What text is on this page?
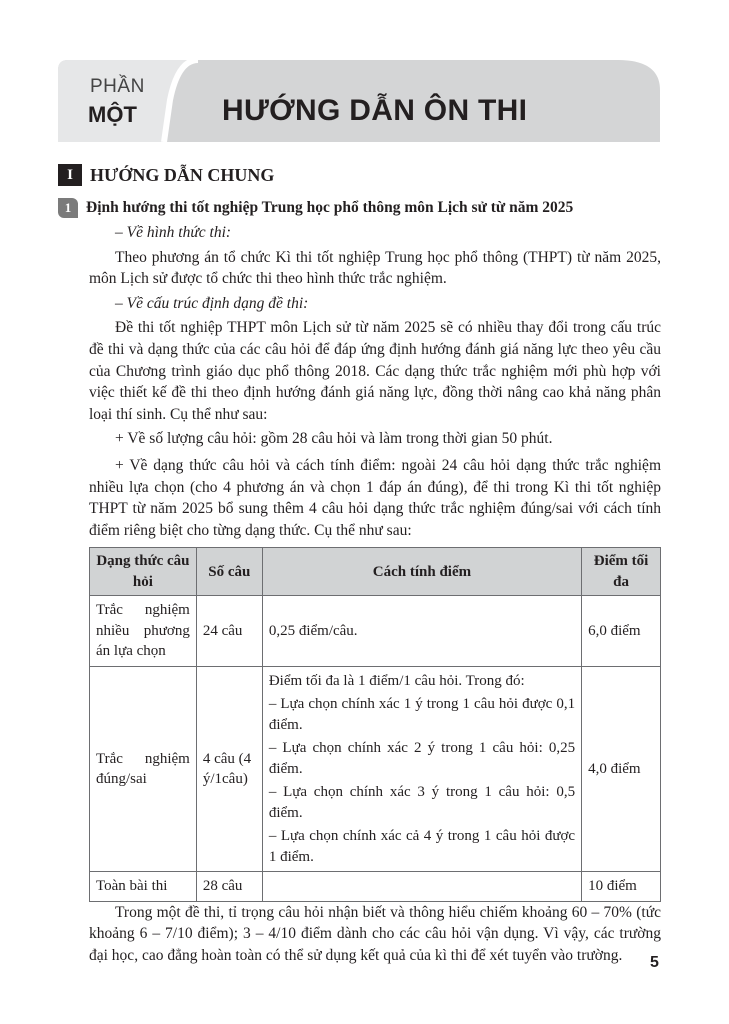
PHẦN
MỘT	HƯỚNG DẪN ÔN THI
I HƯỚNG DẪN CHUNG
1 Định hướng thi tốt nghiệp Trung học phổ thông môn Lịch sử từ năm 2025

– Về hình thức thi:

Theo phương án tổ chức Kì thi tốt nghiệp Trung học phổ thông (THPT) từ năm 2025, môn Lịch sử được tổ chức thi theo hình thức trắc nghiệm.

– Về cấu trúc định dạng đề thi:

Đề thi tốt nghiệp THPT môn Lịch sử từ năm 2025 sẽ có nhiều thay đổi trong cấu trúc đề thi và dạng thức của các câu hỏi để đáp ứng định hướng đánh giá năng lực theo yêu cầu của Chương trình giáo dục phổ thông 2018. Các dạng thức trắc nghiệm mới phù hợp với việc thiết kế đề thi theo định hướng đánh giá năng lực, đồng thời nâng cao khả năng phân loại thí sinh. Cụ thể như sau:

+ Về số lượng câu hỏi: gồm 28 câu hỏi và làm trong thời gian 50 phút.

+ Về dạng thức câu hỏi và cách tính điểm: ngoài 24 câu hỏi dạng thức trắc nghiệm nhiều lựa chọn (cho 4 phương án và chọn 1 đáp án đúng), để thi trong Kì thi tốt nghiệp THPT từ năm 2025 bổ sung thêm 4 câu hỏi dạng thức trắc nghiệm đúng/sai với cách tính điểm riêng biệt cho từng dạng thức. Cụ thể như sau:

Dạng thức câu hỏi	Số câu	Cách tính điểm	Điểm tối đa
Trắc nghiệm nhiều phương án lựa chọn	24 câu	0,25 điểm/câu.	6,0 điểm
Trắc nghiệm đúng/sai	4 câu (4 ý/1câu)	Điểm tối đa là 1 điểm/1 câu hỏi. Trong đó:
– Lựa chọn chính xác 1 ý trong 1 câu hỏi được 0,1 điểm.
– Lựa chọn chính xác 2 ý trong 1 câu hỏi: 0,25 điểm.
– Lựa chọn chính xác 3 ý trong 1 câu hỏi: 0,5 điểm.
– Lựa chọn chính xác cả 4 ý trong 1 câu hỏi được 1 điểm.	4,0 điểm
Toàn bài thi	28 câu		10 điểm

Trong một đề thi, tỉ trọng câu hỏi nhận biết và thông hiểu chiếm khoảng 60 – 70% (tức khoảng 6 – 7/10 điểm); 3 – 4/10 điểm dành cho các câu hỏi vận dụng. Vì vậy, các trường đại học, cao đẳng hoàn toàn có thể sử dụng kết quả của kì thi để xét tuyển vào trường.	5
